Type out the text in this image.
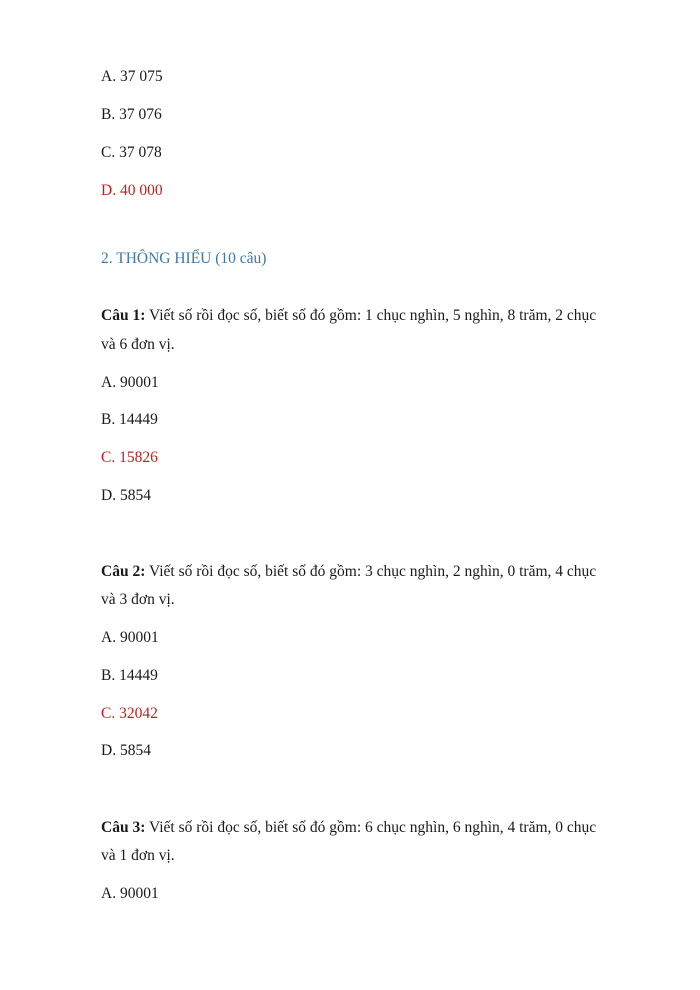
A. 37 075
B. 37 076
C. 37 078
D. 40 000
2. THÔNG HIỂU (10 câu)
Câu 1: Viết số rồi đọc số, biết số đó gồm: 1 chục nghìn, 5 nghìn, 8 trăm, 2 chục
và 6 đơn vị.
A. 90001
B. 14449
C. 15826
D. 5854
Câu 2: Viết số rồi đọc số, biết số đó gồm: 3 chục nghìn, 2 nghìn, 0 trăm, 4 chục
và 3 đơn vị.
A. 90001
B. 14449
C. 32042
D. 5854
Câu 3: Viết số rồi đọc số, biết số đó gồm: 6 chục nghìn, 6 nghìn, 4 trăm, 0 chục
và 1 đơn vị.
A. 90001
